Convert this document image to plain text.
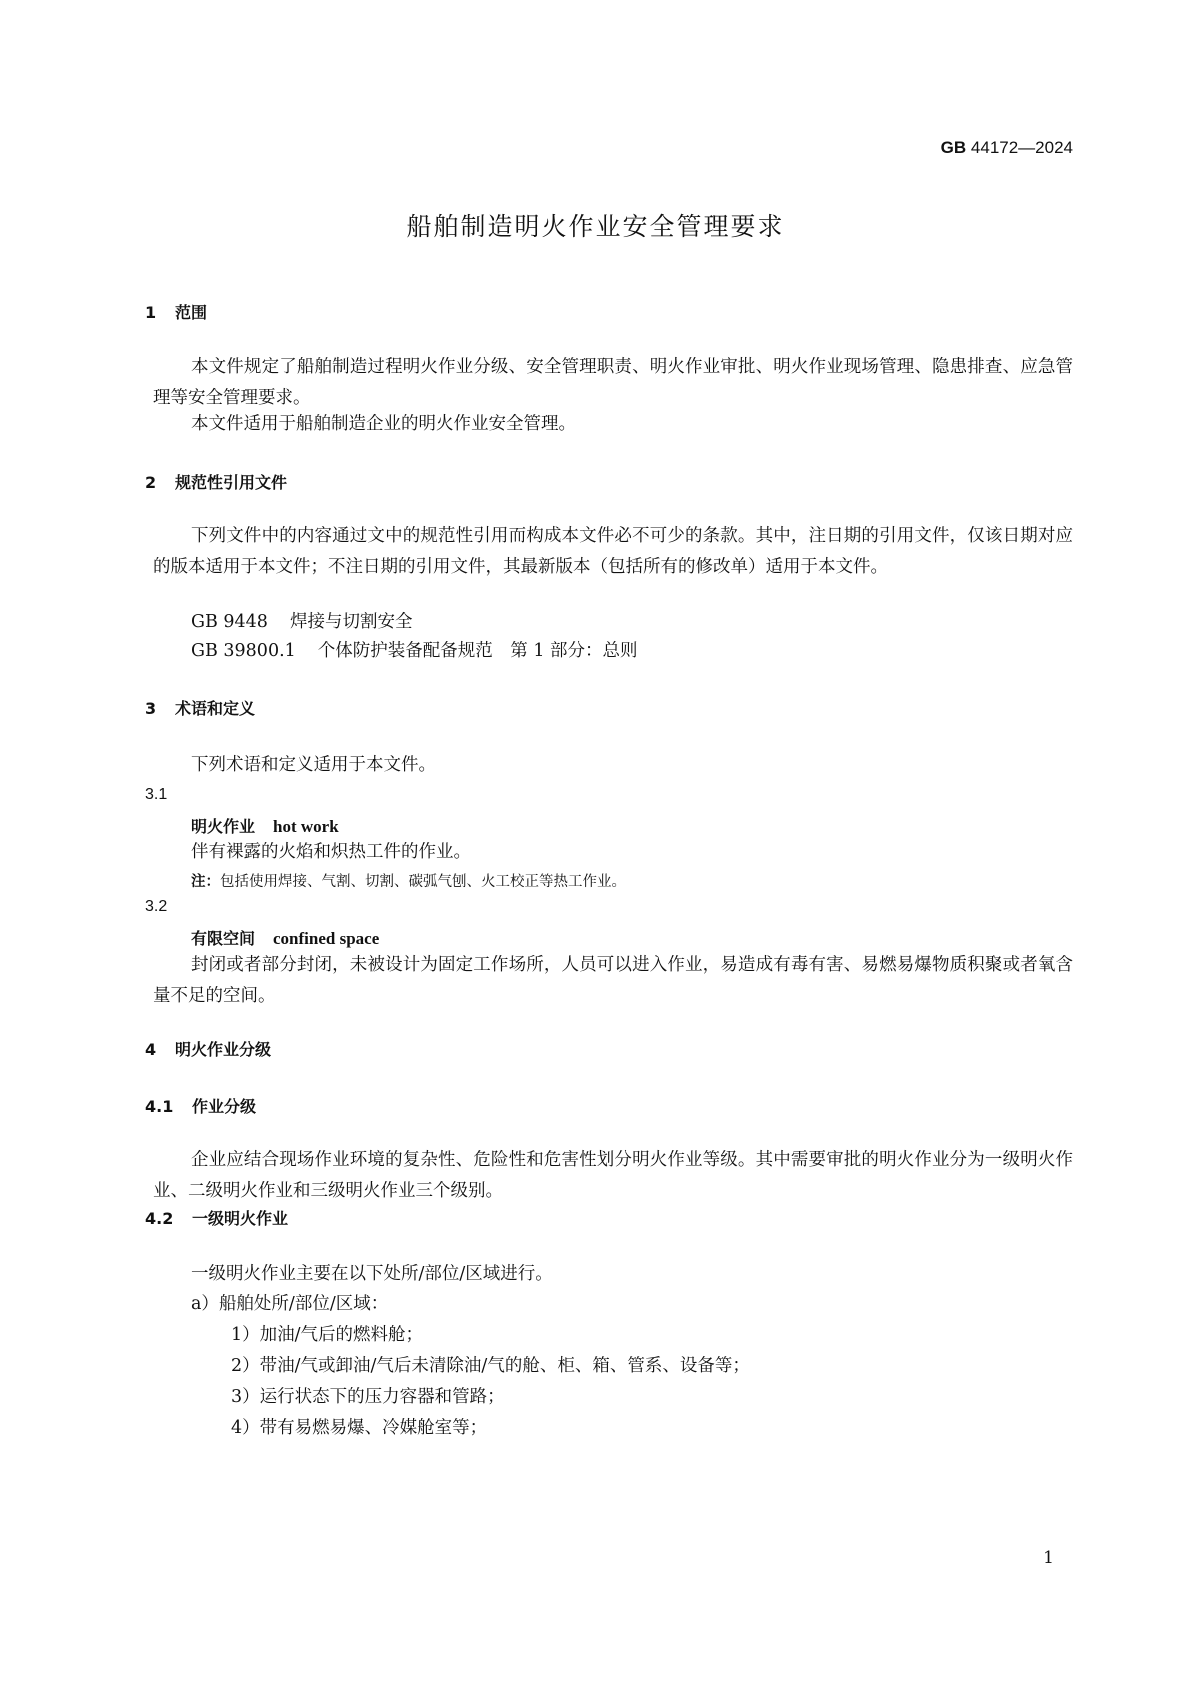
GB 44172—2024
船舶制造明火作业安全管理要求
1 范围
本文件规定了船舶制造过程明火作业分级、安全管理职责、明火作业审批、明火作业现场管理、隐患排查、应急管理等安全管理要求。
本文件适用于船舶制造企业的明火作业安全管理。
2 规范性引用文件
下列文件中的内容通过文中的规范性引用而构成本文件必不可少的条款。其中，注日期的引用文件，仅该日期对应的版本适用于本文件；不注日期的引用文件，其最新版本（包括所有的修改单）适用于本文件。
GB 9448 焊接与切割安全
GB 39800.1 个体防护装备配备规范　第 1 部分：总则
3 术语和定义
下列术语和定义适用于本文件。
3.1
明火作业 hot work
伴有裸露的火焰和炽热工件的作业。
注：包括使用焊接、气割、切割、碳弧气刨、火工校正等热工作业。
3.2
有限空间 confined space
封闭或者部分封闭，未被设计为固定工作场所，人员可以进入作业，易造成有毒有害、易燃易爆物质积聚或者氧含量不足的空间。
4 明火作业分级
4.1 作业分级
企业应结合现场作业环境的复杂性、危险性和危害性划分明火作业等级。其中需要审批的明火作业分为一级明火作业、二级明火作业和三级明火作业三个级别。
4.2 一级明火作业
一级明火作业主要在以下处所/部位/区域进行。
a）船舶处所/部位/区域：
1）加油/气后的燃料舱；
2）带油/气或卸油/气后未清除油/气的舱、柜、箱、管系、设备等；
3）运行状态下的压力容器和管路；
4）带有易燃易爆、冷媒舱室等；
1
